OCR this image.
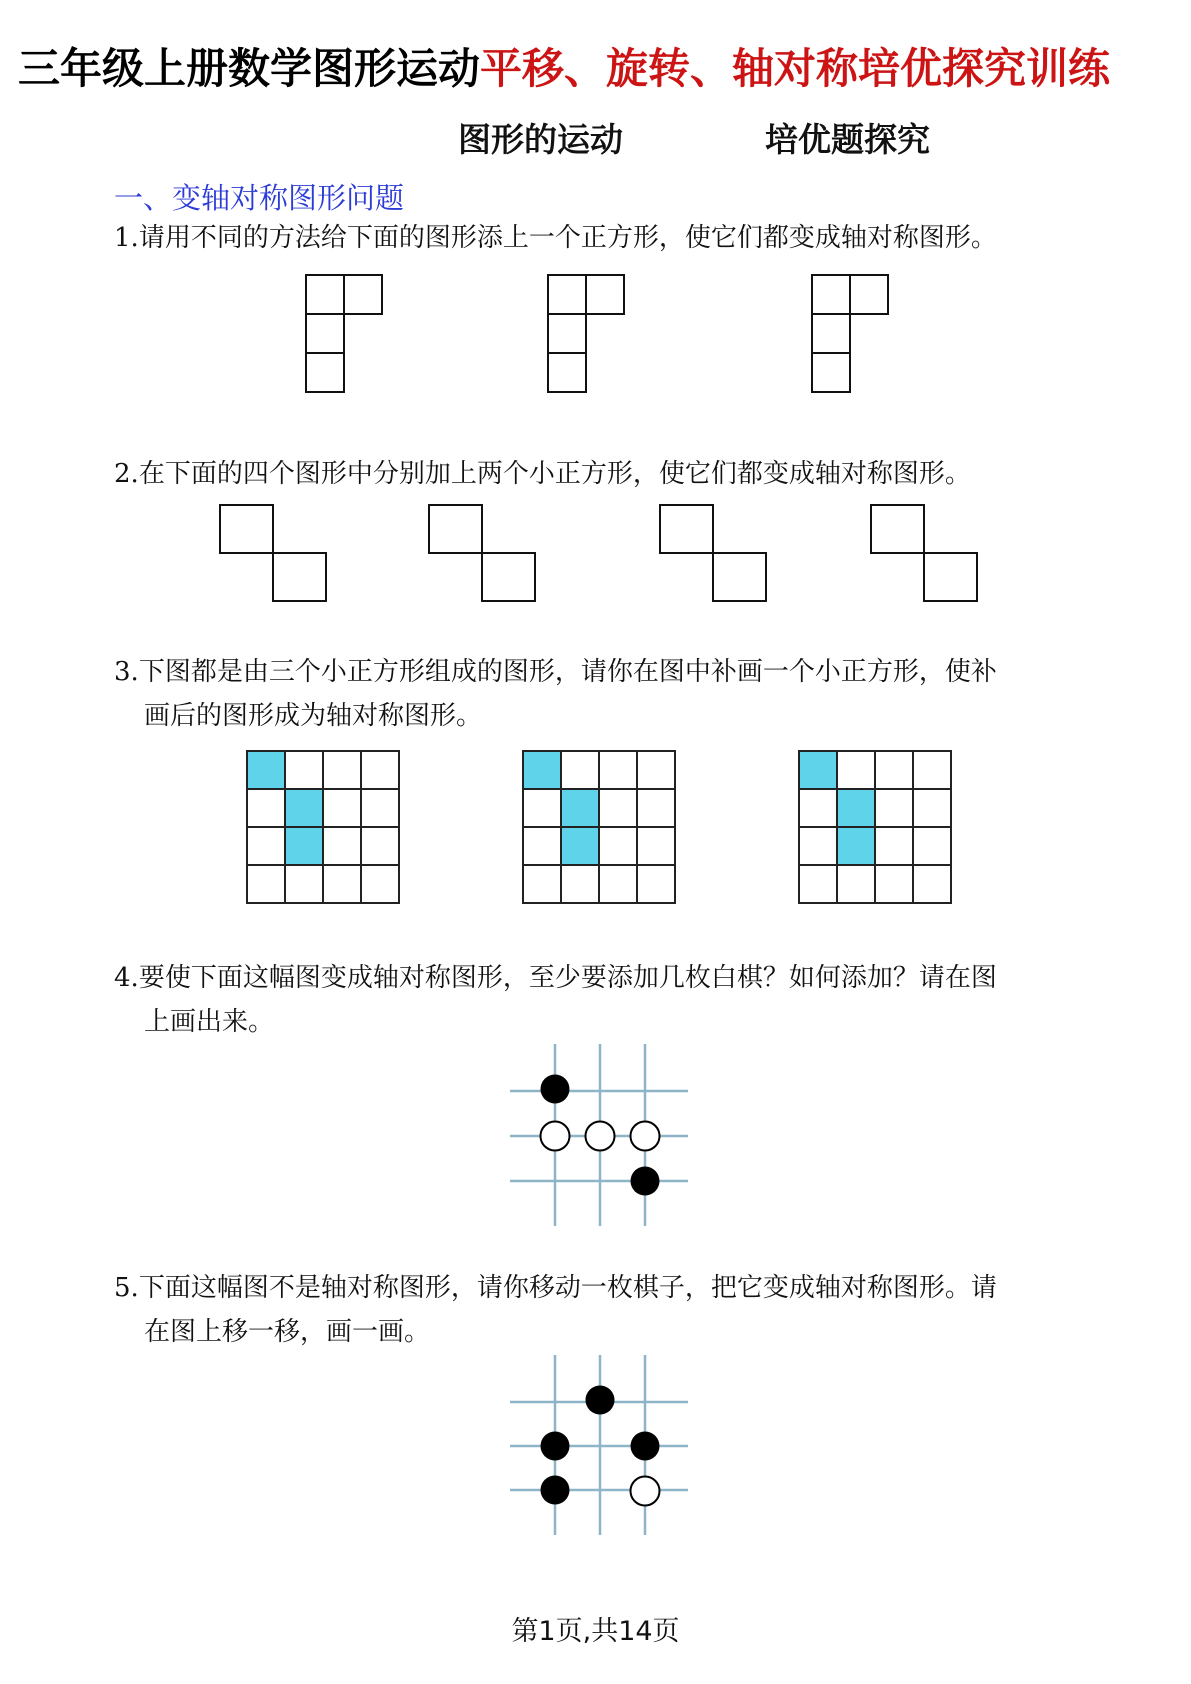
三年级上册数学图形运动平移、旋转、轴对称培优探究训练
图形的运动	培优题探究
一、变轴对称图形问题
1.请用不同的方法给下面的图形添上一个正方形，使它们都变成轴对称图形。
2.在下面的四个图形中分别加上两个小正方形，使它们都变成轴对称图形。
3.下图都是由三个小正方形组成的图形，请你在图中补画一个小正方形，使补
画后的图形成为轴对称图形。
4.要使下面这幅图变成轴对称图形，至少要添加几枚白棋？如何添加？请在图
上画出来。
5.下面这幅图不是轴对称图形，请你移动一枚棋子，把它变成轴对称图形。请
在图上移一移，画一画。
第1页,共14页
